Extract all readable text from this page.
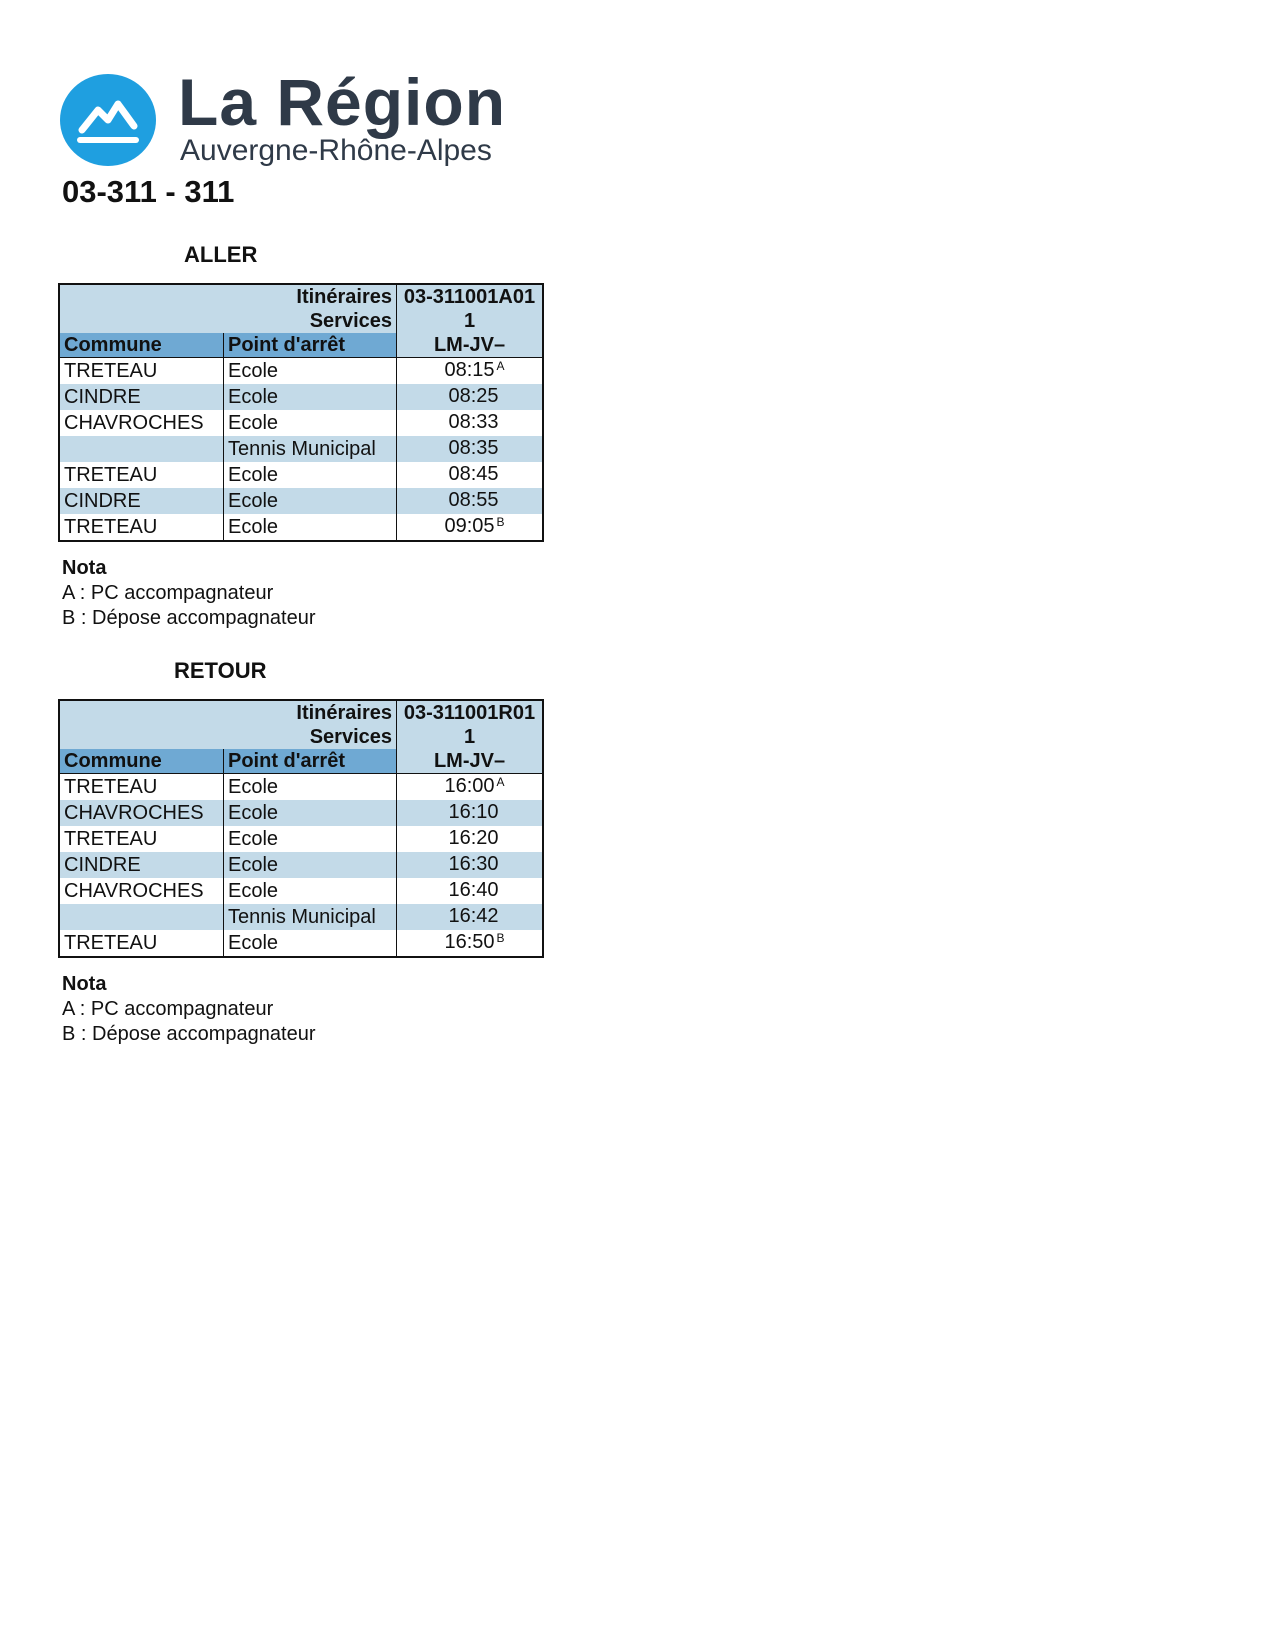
La Région
Auvergne-Rhône-Alpes
03-311 - 311
ALLER
Itinéraires		03-311001A01
Services		1
Commune	Point d'arrêt	LM-JV–
TRETEAU	Ecole	08:15 $^A$
CINDRE	Ecole	08:25
CHAVROCHES	Ecole	08:33
	Tennis Municipal	08:35
TRETEAU	Ecole	08:45
CINDRE	Ecole	08:55
TRETEAU	Ecole	09:05 $^B$
Nota
A : PC accompagnateur
B : Dépose accompagnateur
RETOUR
Itinéraires		03-311001R01
Services		1
Commune	Point d'arrêt	LM-JV–
TRETEAU	Ecole	16:00 $^A$
CHAVROCHES	Ecole	16:10
TRETEAU	Ecole	16:20
CINDRE	Ecole	16:30
CHAVROCHES	Ecole	16:40
	Tennis Municipal	16:42
TRETEAU	Ecole	16:50 $^B$
Nota
A : PC accompagnateur
B : Dépose accompagnateur
